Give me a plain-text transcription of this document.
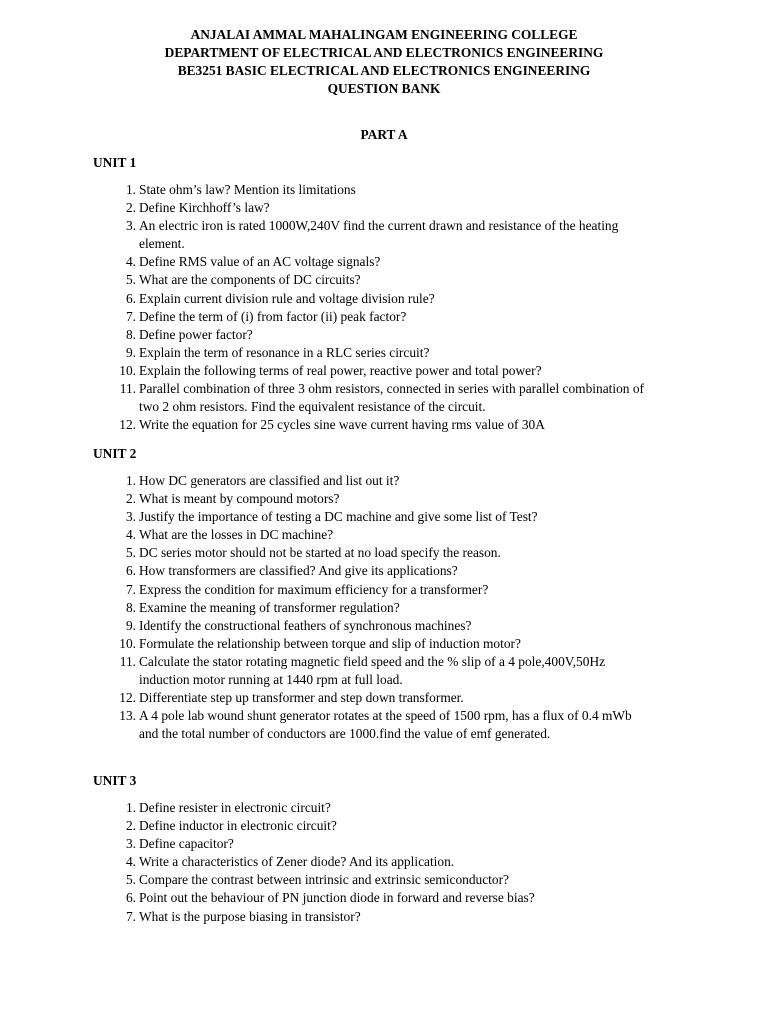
ANJALAI AMMAL MAHALINGAM ENGINEERING COLLEGE
DEPARTMENT OF ELECTRICAL AND ELECTRONICS ENGINEERING
BE3251 BASIC ELECTRICAL AND ELECTRONICS ENGINEERING
QUESTION BANK
PART A
UNIT 1
1. State ohm’s law? Mention its limitations
2. Define Kirchhoff’s law?
3. An electric iron is rated 1000W,240V find the current drawn and resistance of the heating element.
4. Define RMS value of an AC voltage signals?
5. What are the components of DC circuits?
6. Explain current division rule and voltage division rule?
7. Define the term of (i) from factor (ii) peak factor?
8. Define power factor?
9. Explain the term of resonance in a RLC series circuit?
10. Explain the following terms of real power, reactive power and total power?
11. Parallel combination of three 3 ohm resistors, connected in series with parallel combination of two 2 ohm resistors. Find the equivalent resistance of the circuit.
12. Write the equation for 25 cycles sine wave current having rms value of 30A
UNIT 2
1. How DC generators are classified and list out it?
2. What is meant by compound motors?
3. Justify the importance of testing a DC machine and give some list of Test?
4. What are the losses in DC machine?
5. DC series motor should not be started at no load specify the reason.
6. How transformers are classified? And give its applications?
7. Express the condition for maximum efficiency for a transformer?
8. Examine the meaning of transformer regulation?
9. Identify the constructional feathers of synchronous machines?
10. Formulate the relationship between torque and slip of induction motor?
11. Calculate the stator rotating magnetic field speed and the % slip of a 4 pole,400V,50Hz induction motor running at 1440 rpm at full load.
12. Differentiate step up transformer and step down transformer.
13. A 4 pole lab wound shunt generator rotates at the speed of 1500 rpm, has a flux of 0.4 mWb and the total number of conductors are 1000.find the value of emf generated.
UNIT 3
1. Define resister in electronic circuit?
2. Define inductor in electronic circuit?
3. Define capacitor?
4. Write a characteristics of Zener diode? And its application.
5. Compare the contrast between intrinsic and extrinsic semiconductor?
6. Point out the behaviour of PN junction diode in forward and reverse bias?
7. What is the purpose biasing in transistor?
